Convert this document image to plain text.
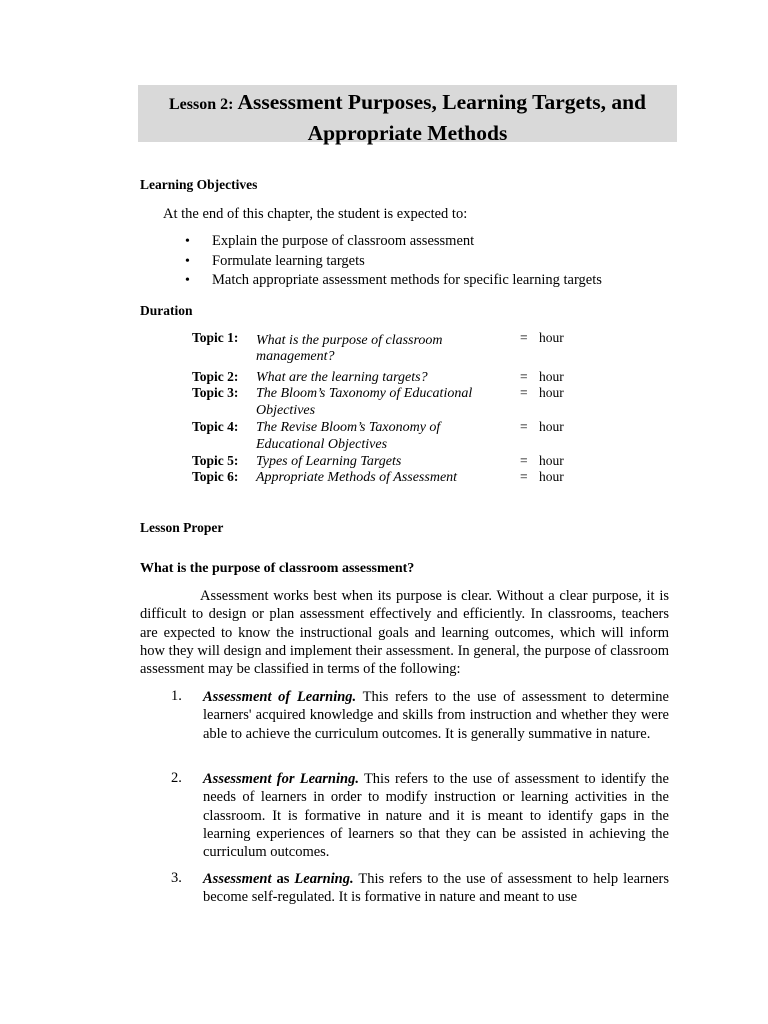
Lesson 2: Assessment Purposes, Learning Targets, and
Appropriate Methods
Learning Objectives
At the end of this chapter, the student is expected to:
• Explain the purpose of classroom assessment
• Formulate learning targets
• Match appropriate assessment methods for specific learning targets
Duration
Topic 1: What is the purpose of classroom
management?
= hour
Topic 2: What are the learning targets?	= hour
Topic 3: The Bloom’s Taxonomy of Educational
Objectives
= hour
Topic 4: The Revise Bloom’s Taxonomy of
Educational Objectives
= hour
Topic 5: Types of Learning Targets	= hour
Topic 6: Appropriate Methods of Assessment	= hour
Lesson Proper
What is the purpose of classroom assessment?
Assessment works best when its purpose is clear. Without a clear purpose, it is difficult to design or plan assessment effectively and efficiently. In classrooms, teachers are expected to know the instructional goals and learning outcomes, which will inform how they will design and implement their assessment. In general, the purpose of classroom assessment may be classified in terms of the following:
1. Assessment of Learning. This refers to the use of assessment to determine learners' acquired knowledge and skills from instruction and whether they were able to achieve the curriculum outcomes. It is generally summative in nature.
2. Assessment for Learning. This refers to the use of assessment to identify the needs of learners in order to modify instruction or learning activities in the classroom. It is formative in nature and it is meant to identify gaps in the learning experiences of learners so that they can be assisted in achieving the curriculum outcomes.
3. Assessment as Learning. This refers to the use of assessment to help learners become self-regulated. It is formative in nature and meant to use
